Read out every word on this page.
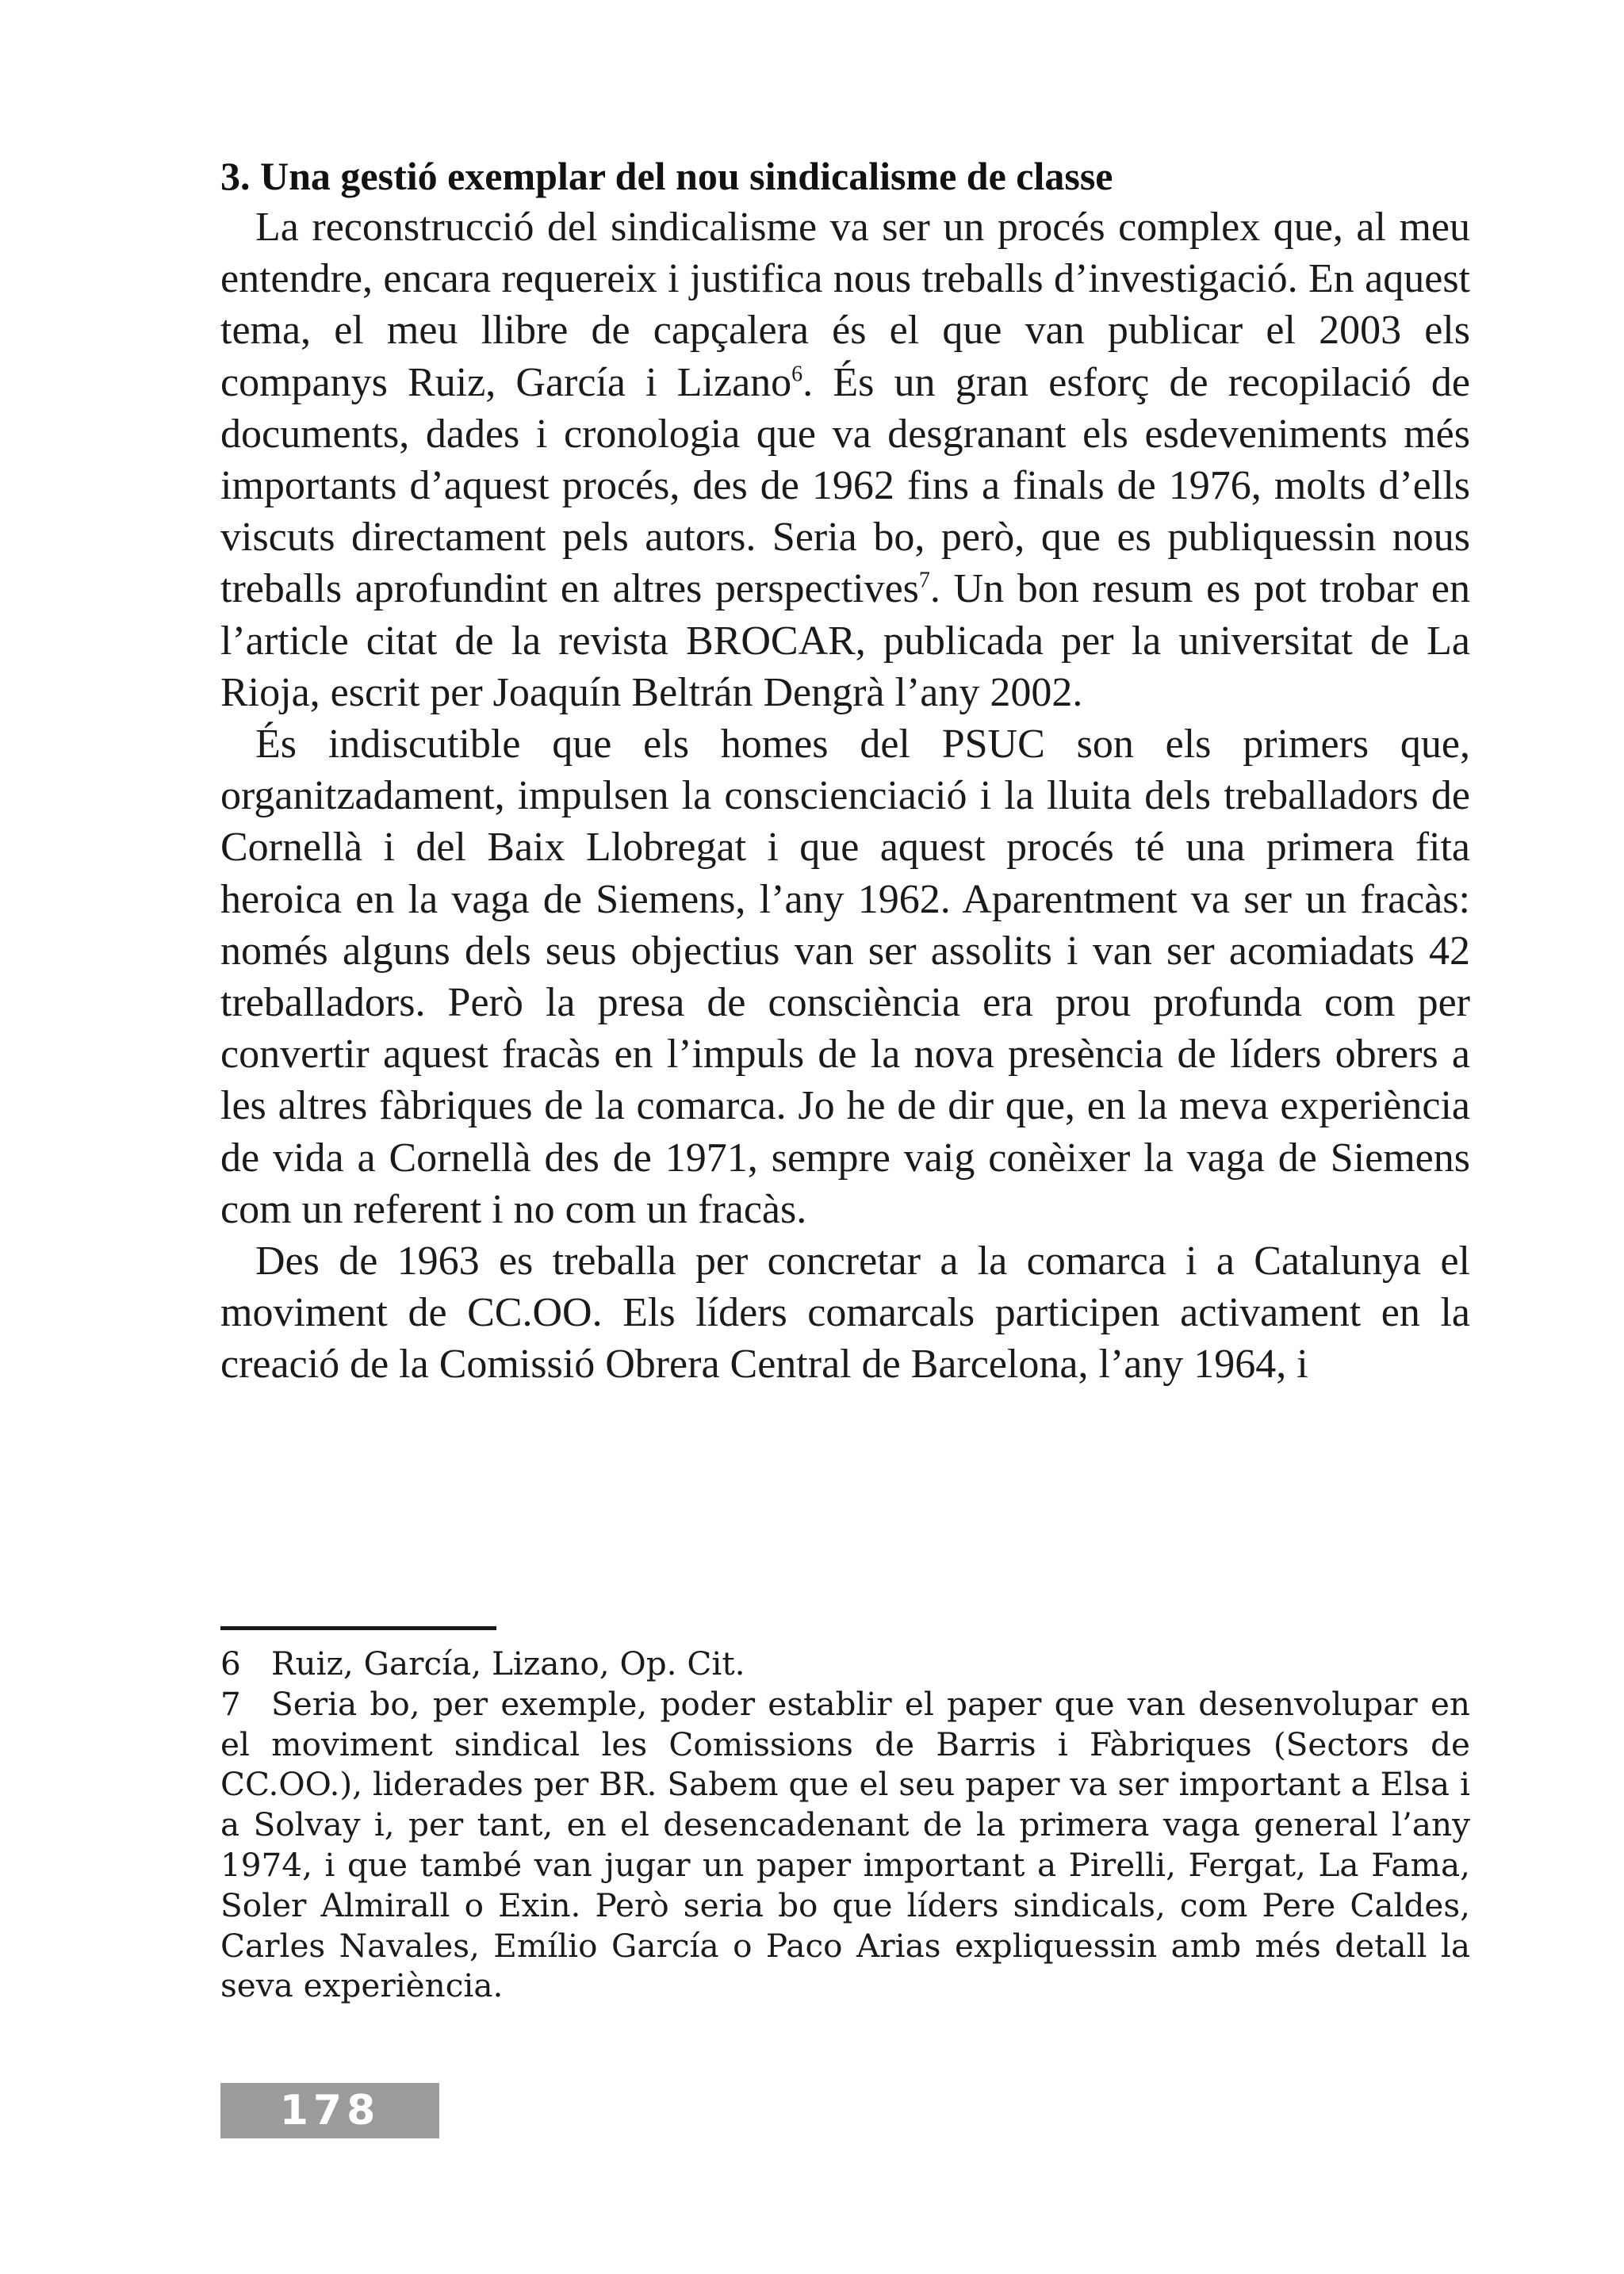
3. Una gestió exemplar del nou sindicalisme de classe

La reconstrucció del sindicalisme va ser un procés complex que, al meu entendre, encara requereix i justifica nous treballs d’investigació. En aquest tema, el meu llibre de capçalera és el que van publicar el 2003 els companys Ruiz, García i Lizano$^6$. És un gran esforç de recopilació de documents, dades i cronologia que va desgranant els esdeveniments més importants d’aquest procés, des de 1962 fins a finals de 1976, molts d’ells viscuts directament pels autors. Seria bo, però, que es publiquessin nous treballs aprofundint en altres perspectives$^7$. Un bon resum es pot trobar en l’article citat de la revista BROCAR, publicada per la universitat de La Rioja, escrit per Joaquín Beltrán Dengrà l’any 2002.

És indiscutible que els homes del PSUC son els primers que, organitzadament, impulsen la conscienciació i la lluita dels treballadors de Cornellà i del Baix Llobregat i que aquest procés té una primera fita heroica en la vaga de Siemens, l’any 1962. Aparentment va ser un fracàs: només alguns dels seus objectius van ser assolits i van ser acomiadats 42 treballadors. Però la presa de consciència era prou profunda com per convertir aquest fracàs en l’impuls de la nova presència de líders obrers a les altres fàbriques de la comarca. Jo he de dir que, en la meva experiència de vida a Cornellà des de 1971, sempre vaig conèixer la vaga de Siemens com un referent i no com un fracàs.

Des de 1963 es treballa per concretar a la comarca i a Catalunya el moviment de CC.OO. Els líders comarcals participen activament en la creació de la Comissió Obrera Central de Barcelona, l’any 1964, i

6 Ruiz, García, Lizano, Op. Cit.

7 Seria bo, per exemple, poder establir el paper que van desenvolupar en el moviment sindical les Comissions de Barris i Fàbriques (Sectors de CC.OO.), liderades per BR. Sabem que el seu paper va ser important a Elsa i a Solvay i, per tant, en el desencadenant de la primera vaga general l’any 1974, i que també van jugar un paper important a Pirelli, Fergat, La Fama, Soler Almirall o Exin. Però seria bo que líders sindicals, com Pere Caldes, Carles Navales, Emílio García o Paco Arias expliquessin amb més detall la seva experiència.

178
